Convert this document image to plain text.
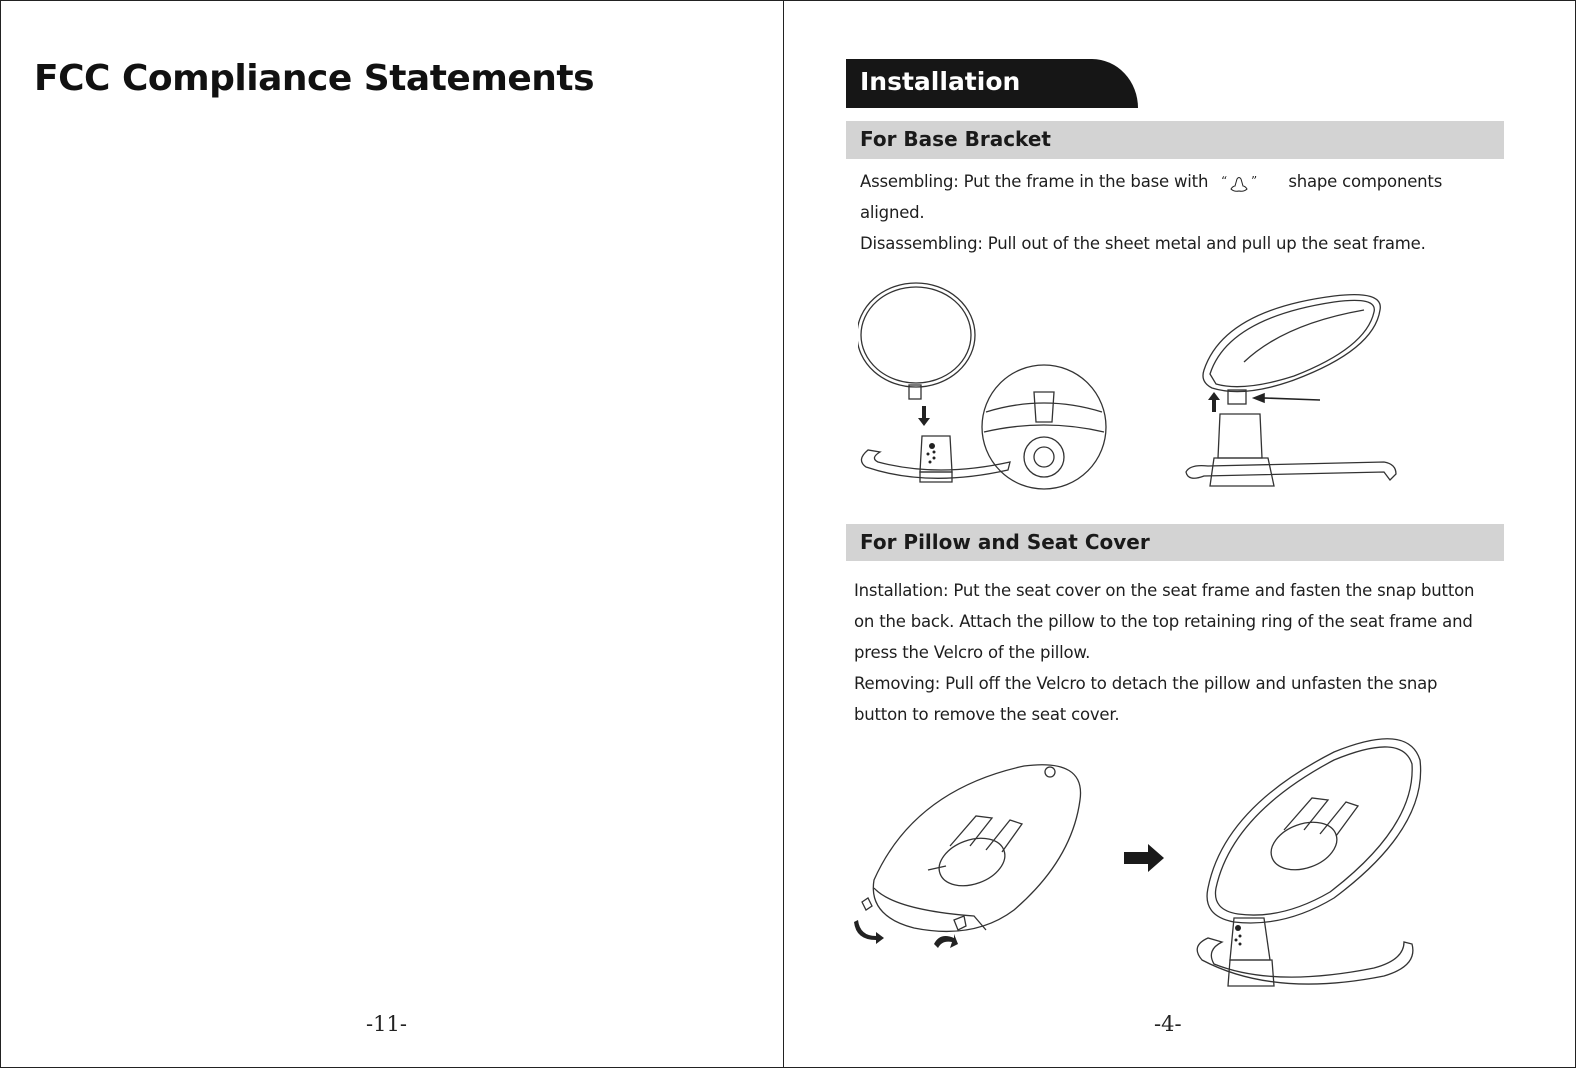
FCC Compliance Statements
-11-
Installation
For Base Bracket

Assembling: Put the frame in the base with “ ” shape components

aligned.

Disassembling: Pull out of the sheet metal and pull up the seat frame.

For Pillow and Seat Cover

Installation: Put the seat cover on the seat frame and fasten the snap button

on the back. Attach the pillow to the top retaining ring of the seat frame and

press the Velcro of the pillow.

Removing: Pull off the Velcro to detach the pillow and unfasten the snap

button to remove the seat cover.

-4-
